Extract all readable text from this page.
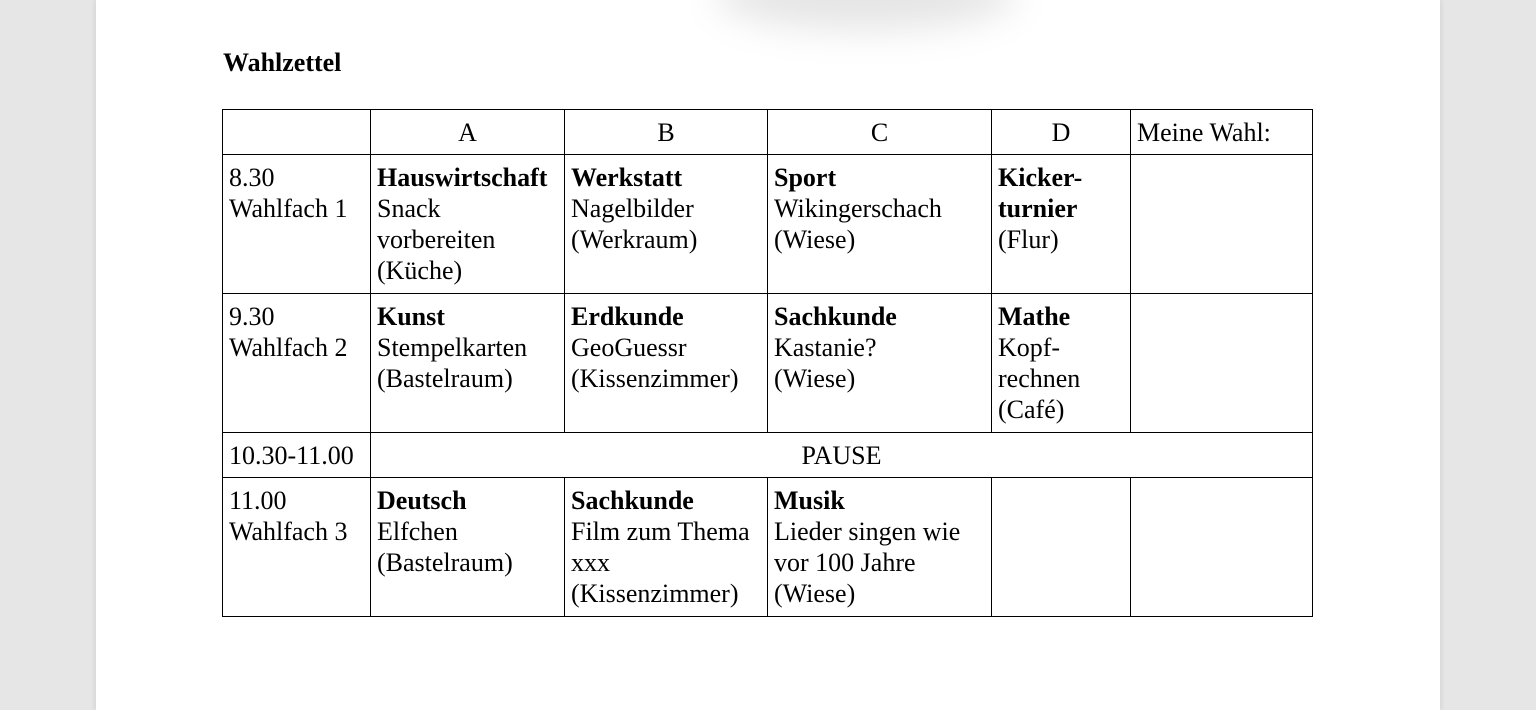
Wahlzettel
	A	B	C	D	Meine Wahl:

8.30
Wahlfach 1	Hauswirtschaft
Snack
vorbereiten
(Küche)	Werkstatt
Nagelbilder
(Werkraum)	Sport
Wikingerschach
(Wiese)	Kicker-
turnier
(Flur)	

9.30
Wahlfach 2	Kunst
Stempelkarten
(Bastelraum)	Erdkunde
GeoGuessr
(Kissenzimmer)	Sachkunde
Kastanie?
(Wiese)	Mathe
Kopf-
rechnen
(Café)	

10.30-11.00	PAUSE				

11.00
Wahlfach 3	Deutsch
Elfchen
(Bastelraum)	Sachkunde
Film zum Thema
xxx
(Kissenzimmer)	Musik
Lieder singen wie
vor 100 Jahre
(Wiese)		
